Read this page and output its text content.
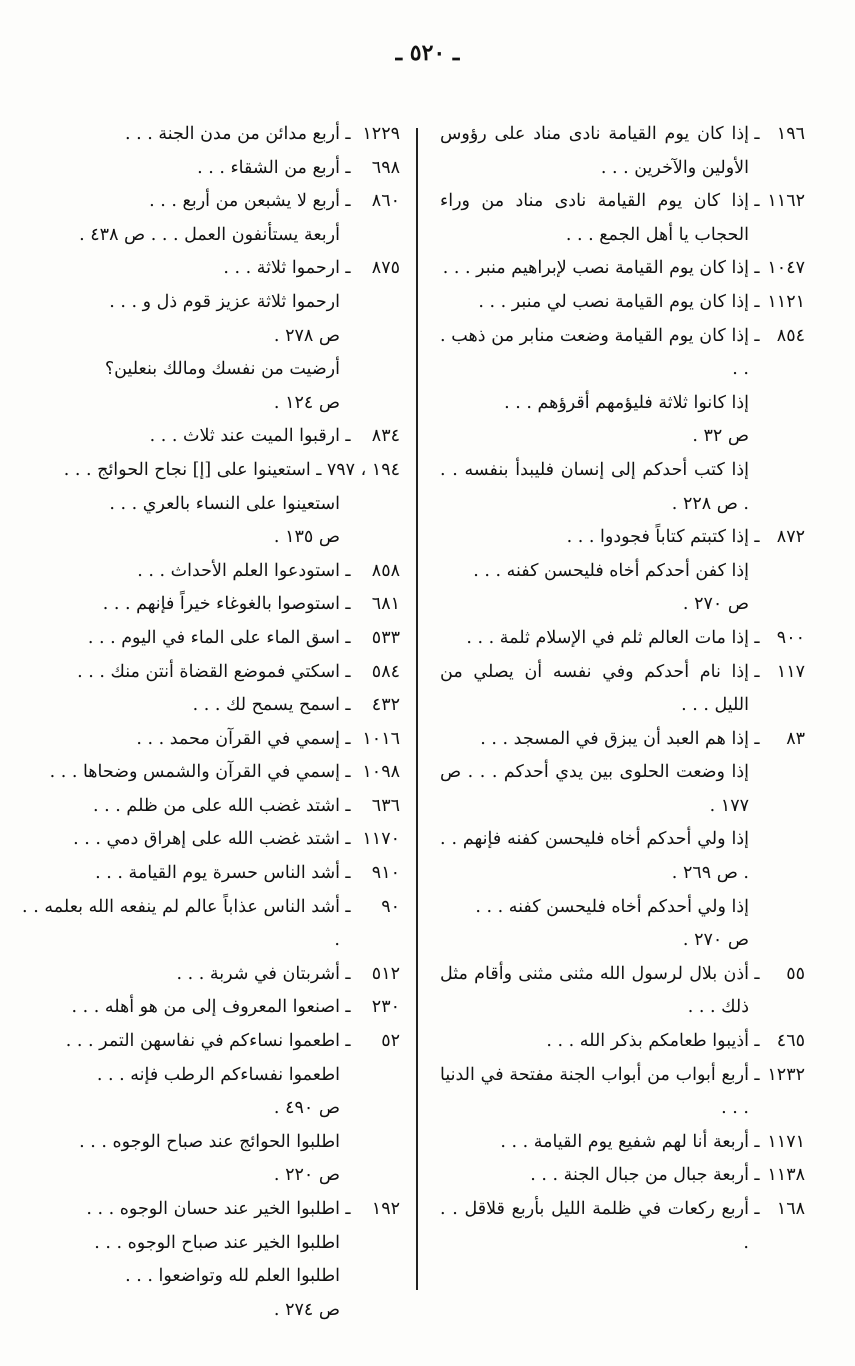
ـ ٥٢٠ ـ
١٩٦
ـ
إذا كان يوم القيامة نادى مناد على رؤوس الأولين والآخرين . . .
١١٦٢
ـ
إذا كان يوم القيامة نادى مناد من وراء الحجاب يا أهل الجمع . . .
١٠٤٧
ـ
إذا كان يوم القيامة نصب لإبراهيم منبر . . .
١١٢١
ـ
إذا كان يوم القيامة نصب لي منبر . . .
٨٥٤
ـ
إذا كان يوم القيامة وضعت منابر من ذهب . . .
إذا كانوا ثلاثة فليؤمهم أقرؤهم . . .
ص ٣٢ .
إذا كتب أحدكم إلى إنسان فليبدأ بنفسه . . . ص ٢٢٨ .
٨٧٢
ـ
إذا كتبتم كتاباً فجودوا . . .
إذا كفن أحدكم أخاه فليحسن كفنه . . .
ص ٢٧٠ .
٩٠٠
ـ
إذا مات العالم ثلم في الإسلام ثلمة . . .
١١٧
ـ
إذا نام أحدكم وفي نفسه أن يصلي من الليل . . .
٨٣
ـ
إذا هم العبد أن يبزق في المسجد . . .
إذا وضعت الحلوى بين يدي أحدكم . . . ص ١٧٧ .
إذا ولي أحدكم أخاه فليحسن كفنه فإنهم . . . ص ٢٦٩ .
إذا ولي أحدكم أخاه فليحسن كفنه . . .
ص ٢٧٠ .
٥٥
ـ
أذن بلال لرسول الله مثنى مثنى وأقام مثل ذلك . . .
٤٦٥
ـ
أذيبوا طعامكم بذكر الله . . .
١٢٣٢
ـ
أربع أبواب من أبواب الجنة مفتحة في الدنيا . . .
١١٧١
ـ
أربعة أنا لهم شفيع يوم القيامة . . .
١١٣٨
ـ
أربعة جبال من جبال الجنة . . .
١٦٨
ـ
أربع ركعات في ظلمة الليل بأربع قلاقل . . .
١٢٢٩
ـ
أربع مدائن من مدن الجنة . . .
٦٩٨
ـ
أربع من الشقاء . . .
٨٦٠
ـ
أربع لا يشبعن من أربع . . .
أربعة يستأنفون العمل . . . ص ٤٣٨ .
٨٧٥
ـ
ارحموا ثلاثة . . .
ارحموا ثلاثة عزيز قوم ذل و . . .
ص ٢٧٨ .
أرضيت من نفسك ومالك بنعلين؟
ص ١٢٤ .
٨٣٤
ـ
ارقبوا الميت عند ثلاث . . .
١٩٤ ، ٧٩٧
ـ
استعينوا على [إ] نجاح الحوائج . . .
استعينوا على النساء بالعري . . .
ص ١٣٥ .
٨٥٨
ـ
استودعوا العلم الأحداث . . .
٦٨١
ـ
استوصوا بالغوغاء خيراً فإنهم . . .
٥٣٣
ـ
اسق الماء على الماء في اليوم . . .
٥٨٤
ـ
اسكتي فموضع القضاة أنتن منك . . .
٤٣٢
ـ
اسمح يسمح لك . . .
١٠١٦
ـ
إسمي في القرآن محمد . . .
١٠٩٨
ـ
إسمي في القرآن والشمس وضحاها . . .
٦٣٦
ـ
اشتد غضب الله على من ظلم . . .
١١٧٠
ـ
اشتد غضب الله على إهراق دمي . . .
٩١٠
ـ
أشد الناس حسرة يوم القيامة . . .
٩٠
ـ
أشد الناس عذاباً عالم لم ينفعه الله بعلمه . . .
٥١٢
ـ
أشربتان في شربة . . .
٢٣٠
ـ
اصنعوا المعروف إلى من هو أهله . . .
٥٢
ـ
اطعموا نساءكم في نفاسهن التمر . . .
اطعموا نفساءكم الرطب فإنه . . .
ص ٤٩٠ .
اطلبوا الحوائج عند صباح الوجوه . . .
ص ٢٢٠ .
١٩٢
ـ
اطلبوا الخير عند حسان الوجوه . . .
اطلبوا الخير عند صباح الوجوه . . .
اطلبوا العلم لله وتواضعوا . . .
ص ٢٧٤ .
